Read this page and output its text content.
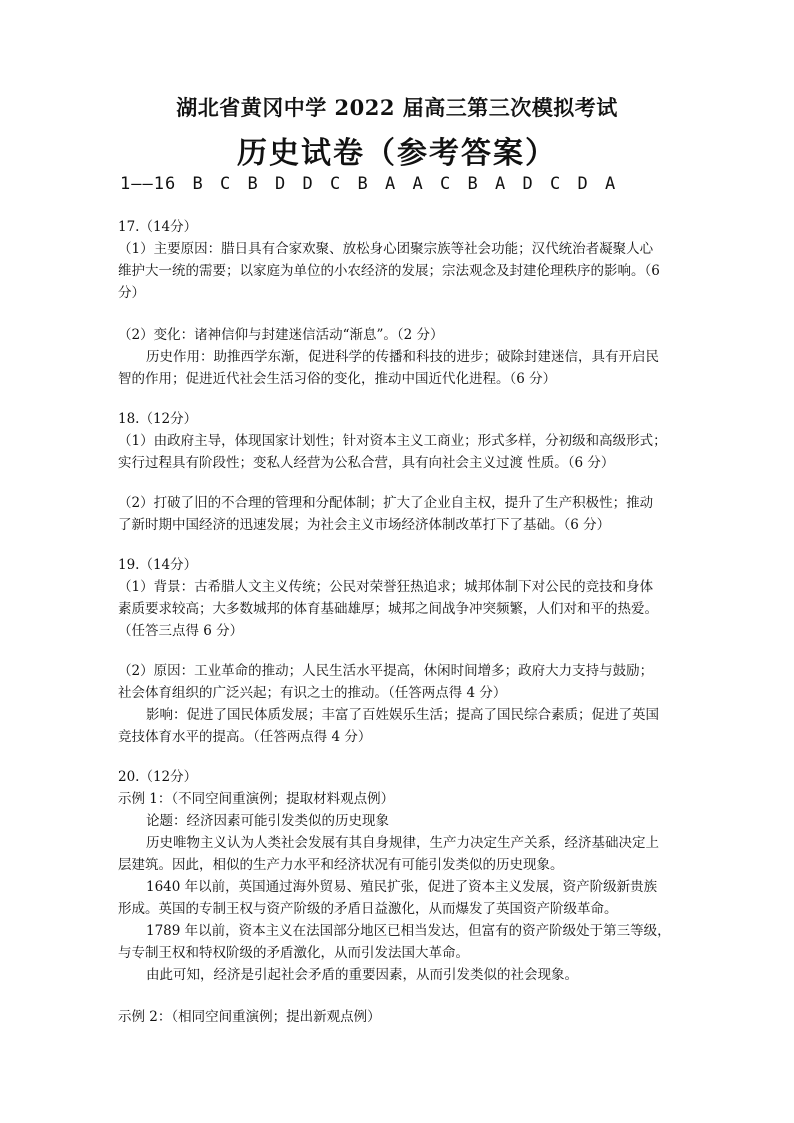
湖北省黄冈中学 2022 届高三第三次模拟考试
历史试卷（参考答案）
1——16 B C B D D C B A A C B A D C D A
17.（14分）
（1）主要原因：腊日具有合家欢聚、放松身心团聚宗族等社会功能；汉代统治者凝聚人心
维护大一统的需要；以家庭为单位的小农经济的发展；宗法观念及封建伦理秩序的影响。（6
分）
（2）变化：诸神信仰与封建迷信活动“渐息”。（2 分）
历史作用：助推西学东渐，促进科学的传播和科技的进步；破除封建迷信，具有开启民
智的作用；促进近代社会生活习俗的变化，推动中国近代化进程。（6 分）
18.（12分）
（1）由政府主导，体现国家计划性；针对资本主义工商业；形式多样，分初级和高级形式；
实行过程具有阶段性；变私人经营为公私合营，具有向社会主义过渡 性质。（6 分）
（2）打破了旧的不合理的管理和分配体制；扩大了企业自主权，提升了生产积极性；推动
了新时期中国经济的迅速发展；为社会主义市场经济体制改革打下了基础。（6 分）
19.（14分）
（1）背景：古希腊人文主义传统；公民对荣誉狂热追求；城邦体制下对公民的竞技和身体
素质要求较高；大多数城邦的体育基础雄厚；城邦之间战争冲突频繁，人们对和平的热爱。
（任答三点得 6 分）
（2）原因：工业革命的推动；人民生活水平提高，休闲时间增多；政府大力支持与鼓励；
社会体育组织的广泛兴起；有识之士的推动。（任答两点得 4 分）
影响：促进了国民体质发展；丰富了百姓娱乐生活；提高了国民综合素质；促进了英国
竞技体育水平的提高。（任答两点得 4 分）
20.（12分）
示例 1：（不同空间重演例；提取材料观点例）
论题：经济因素可能引发类似的历史现象
历史唯物主义认为人类社会发展有其自身规律，生产力决定生产关系，经济基础决定上
层建筑。因此，相似的生产力水平和经济状况有可能引发类似的历史现象。
1640 年以前，英国通过海外贸易、殖民扩张，促进了资本主义发展，资产阶级新贵族
形成。英国的专制王权与资产阶级的矛盾日益激化，从而爆发了英国资产阶级革命。
1789 年以前，资本主义在法国部分地区已相当发达，但富有的资产阶级处于第三等级，
与专制王权和特权阶级的矛盾激化，从而引发法国大革命。
由此可知，经济是引起社会矛盾的重要因素，从而引发类似的社会现象。
示例 2：（相同空间重演例；提出新观点例）
